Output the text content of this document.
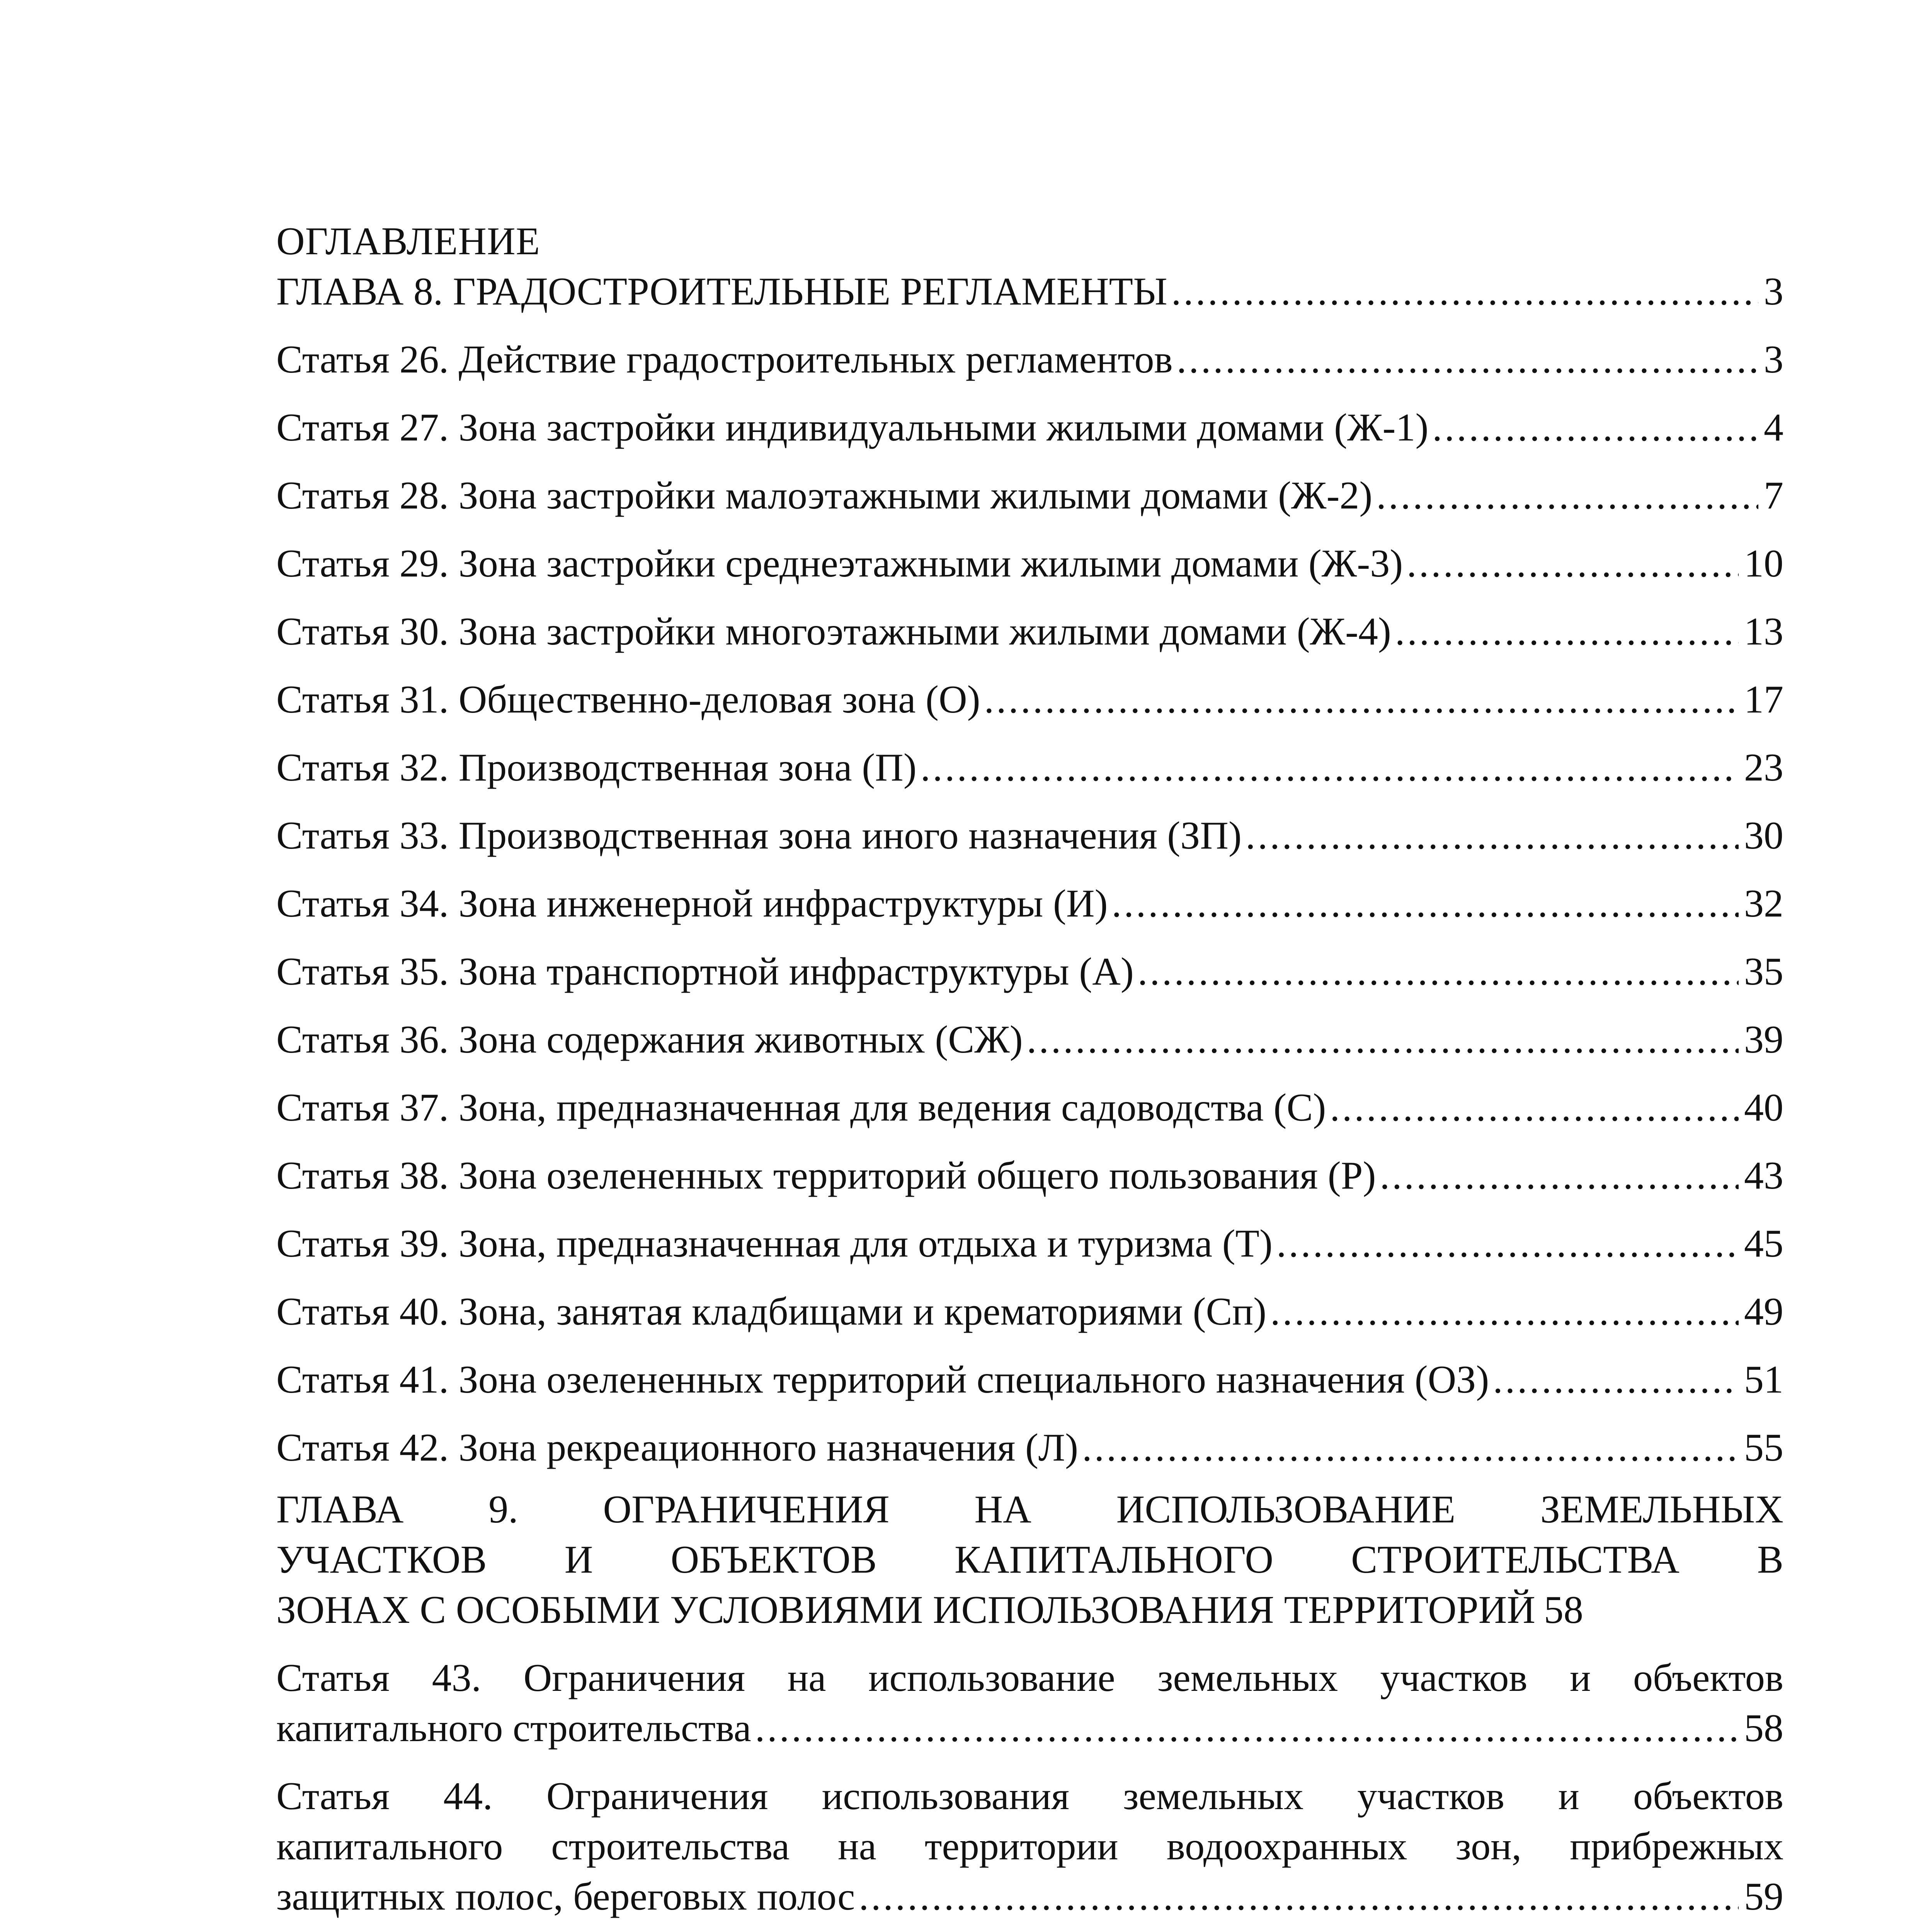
ОГЛАВЛЕНИЕ
ГЛАВА 8. ГРАДОСТРОИТЕЛЬНЫЕ РЕГЛАМЕНТЫ .....	3
Статья 26. Действие градостроительных регламентов .....	3
Статья 27. Зона застройки индивидуальными жилыми домами (Ж-1) .....	4
Статья 28. Зона застройки малоэтажными жилыми домами (Ж-2) .....	7
Статья 29. Зона застройки среднеэтажными жилыми домами (Ж-3) .....	10
Статья 30. Зона застройки многоэтажными жилыми домами (Ж-4) .....	13
Статья 31. Общественно-деловая зона (О) .....	17
Статья 32. Производственная зона (П) .....	23
Статья 33. Производственная зона иного назначения (ЗП) .....	30
Статья 34. Зона инженерной инфраструктуры (И) .....	32
Статья 35. Зона транспортной инфраструктуры (А) .....	35
Статья 36. Зона содержания животных (СЖ) .....	39
Статья 37. Зона, предназначенная для ведения садоводства (С) .....	40
Статья 38. Зона озелененных территорий общего пользования (Р) .....	43
Статья 39. Зона, предназначенная для отдыха и туризма (Т) .....	45
Статья 40. Зона, занятая кладбищами и крематориями (Сп) .....	49
Статья 41. Зона озелененных территорий специального назначения (ОЗ) .....	51
Статья 42. Зона рекреационного назначения (Л) .....	55
ГЛАВА 9. ОГРАНИЧЕНИЯ НА ИСПОЛЬЗОВАНИЕ ЗЕМЕЛЬНЫХ
УЧАСТКОВ И ОБЪЕКТОВ КАПИТАЛЬНОГО СТРОИТЕЛЬСТВА В
ЗОНАХ С ОСОБЫМИ УСЛОВИЯМИ ИСПОЛЬЗОВАНИЯ ТЕРРИТОРИЙ 58
Статья 43. Ограничения на использование земельных участков и объектов
капитального строительства .....	58
Статья 44. Ограничения использования земельных участков и объектов
капитального строительства на территории водоохранных зон, прибрежных
защитных полос, береговых полос .....	59
